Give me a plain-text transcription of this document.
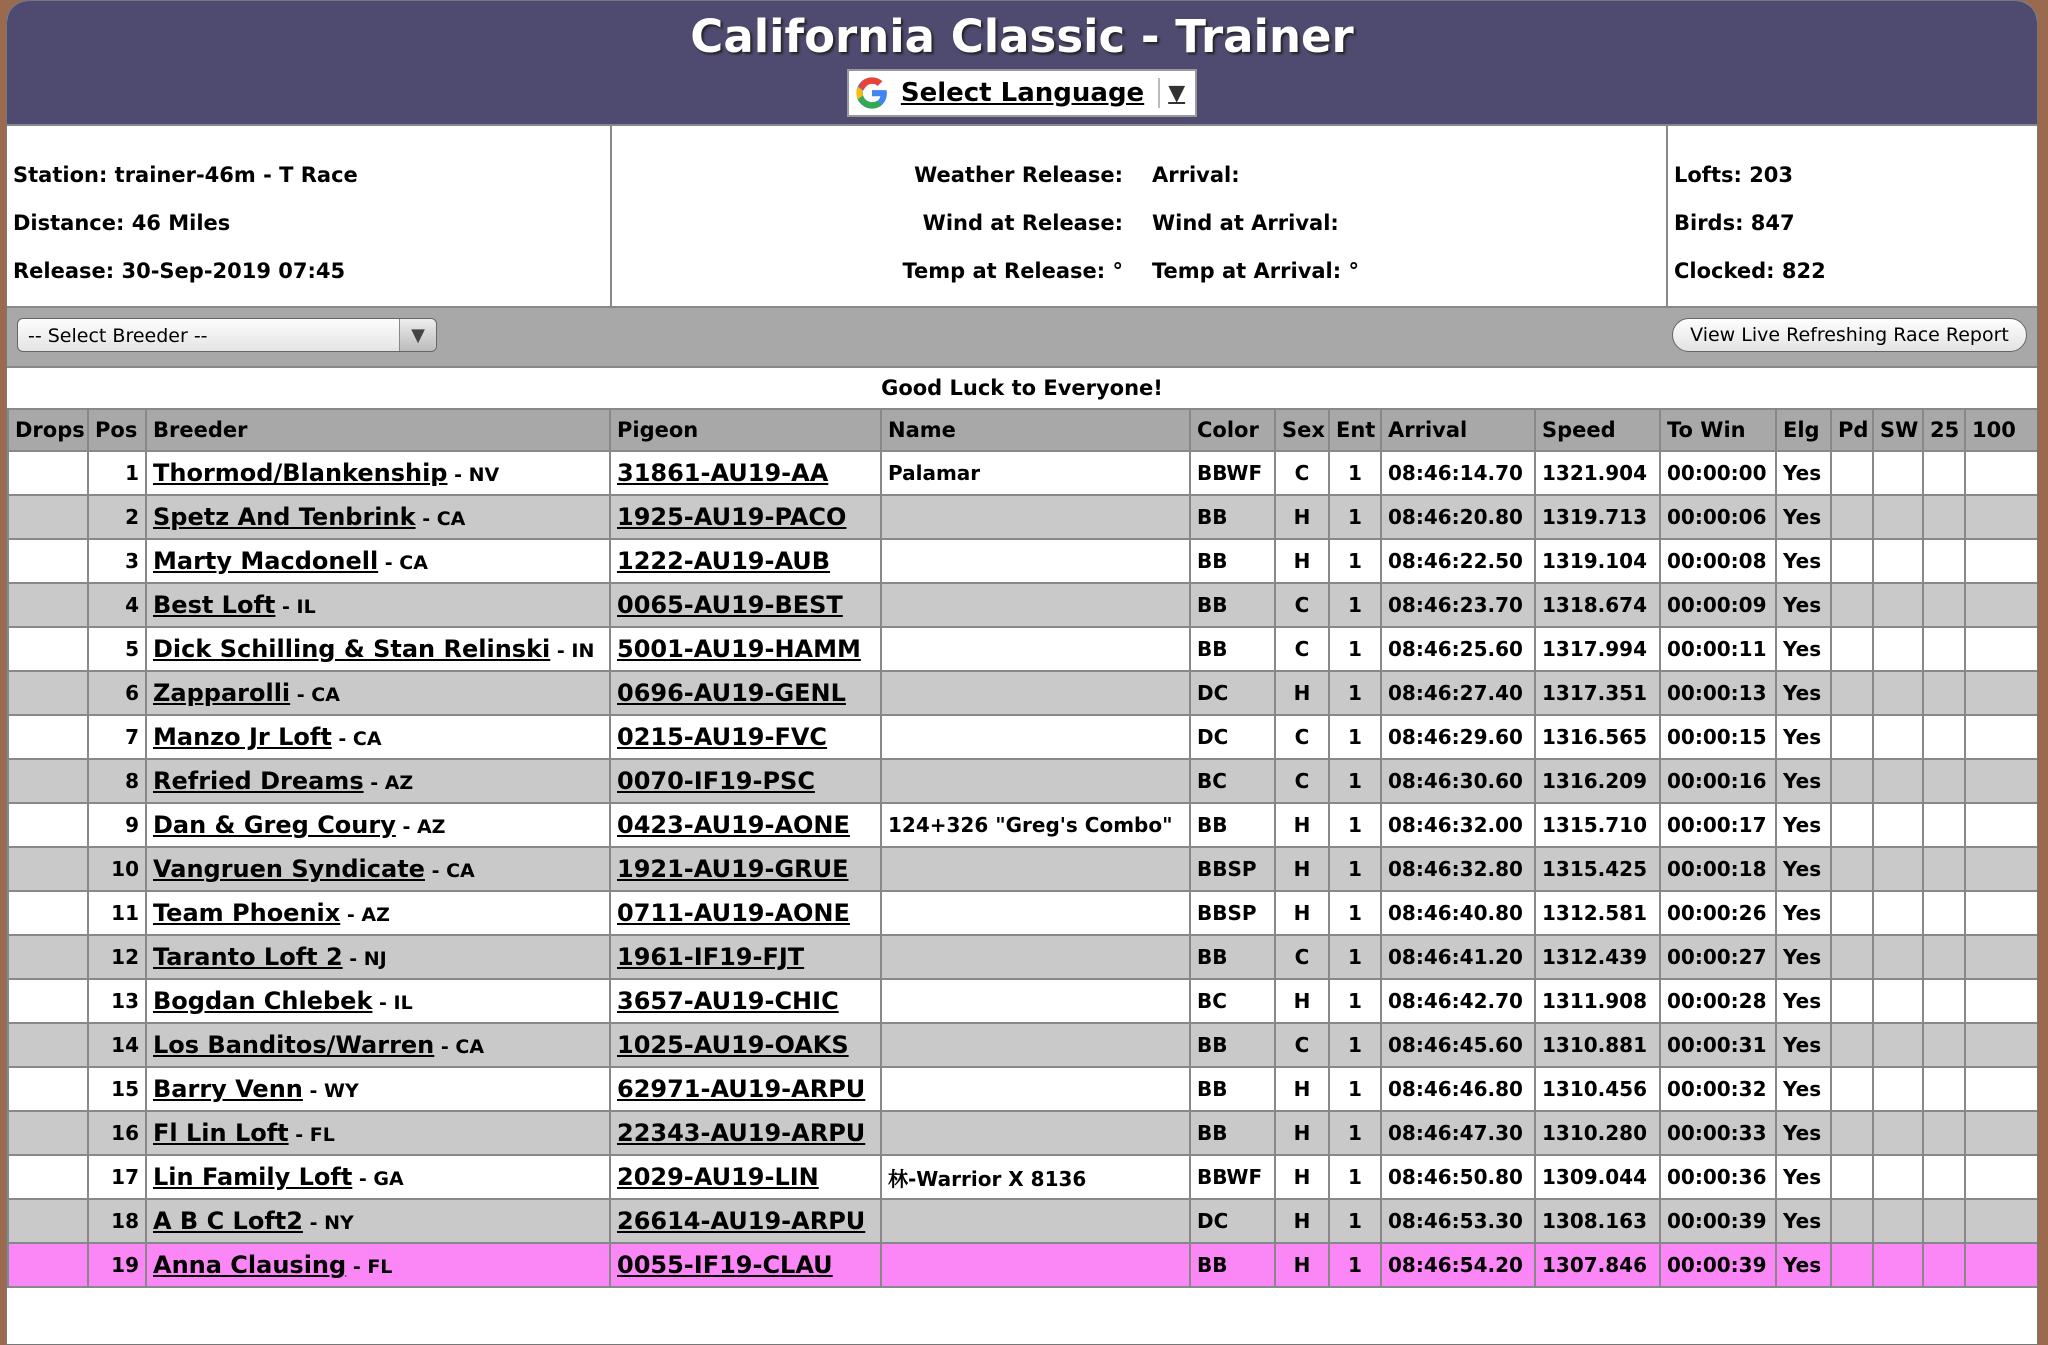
California Classic - Trainer
Select Language ▼
Station: trainer-46m - T Race
Distance: 46 Miles
Release: 30-Sep-2019 07:45
Weather Release:	Arrival:
Wind at Release:	Wind at Arrival:
Temp at Release: °	Temp at Arrival: °
Lofts: 203
Birds: 847
Clocked: 822
-- Select Breeder --	▼	View Live Refreshing Race Report
Good Luck to Everyone!
Drops	Pos	Breeder	Pigeon	Name	Color	Sex	Ent	Arrival	Speed	To Win	Elg	Pd	SW	25	100
	1	Thormod/Blankenship - NV	31861-AU19-AA	Palamar	BBWF	C	1	08:46:14.70	1321.904	00:00:00	Yes				
	2	Spetz And Tenbrink - CA	1925-AU19-PACO		BB	H	1	08:46:20.80	1319.713	00:00:06	Yes				
	3	Marty Macdonell - CA	1222-AU19-AUB		BB	H	1	08:46:22.50	1319.104	00:00:08	Yes				
	4	Best Loft - IL	0065-AU19-BEST		BB	C	1	08:46:23.70	1318.674	00:00:09	Yes				
	5	Dick Schilling & Stan Relinski - IN	5001-AU19-HAMM		BB	C	1	08:46:25.60	1317.994	00:00:11	Yes				
	6	Zapparolli - CA	0696-AU19-GENL		DC	H	1	08:46:27.40	1317.351	00:00:13	Yes				
	7	Manzo Jr Loft - CA	0215-AU19-FVC		DC	C	1	08:46:29.60	1316.565	00:00:15	Yes				
	8	Refried Dreams - AZ	0070-IF19-PSC		BC	C	1	08:46:30.60	1316.209	00:00:16	Yes				
	9	Dan & Greg Coury - AZ	0423-AU19-AONE	124+326 "Greg's Combo"	BB	H	1	08:46:32.00	1315.710	00:00:17	Yes				
	10	Vangruen Syndicate - CA	1921-AU19-GRUE		BBSP	H	1	08:46:32.80	1315.425	00:00:18	Yes				
	11	Team Phoenix - AZ	0711-AU19-AONE		BBSP	H	1	08:46:40.80	1312.581	00:00:26	Yes				
	12	Taranto Loft 2 - NJ	1961-IF19-FJT		BB	C	1	08:46:41.20	1312.439	00:00:27	Yes				
	13	Bogdan Chlebek - IL	3657-AU19-CHIC		BC	H	1	08:46:42.70	1311.908	00:00:28	Yes				
	14	Los Banditos/Warren - CA	1025-AU19-OAKS		BB	C	1	08:46:45.60	1310.881	00:00:31	Yes				
	15	Barry Venn - WY	62971-AU19-ARPU		BB	H	1	08:46:46.80	1310.456	00:00:32	Yes				
	16	Fl Lin Loft - FL	22343-AU19-ARPU		BB	H	1	08:46:47.30	1310.280	00:00:33	Yes				
	17	Lin Family Loft - GA	2029-AU19-LIN	林-Warrior X 8136	BBWF	H	1	08:46:50.80	1309.044	00:00:36	Yes				
	18	A B C Loft2 - NY	26614-AU19-ARPU		DC	H	1	08:46:53.30	1308.163	00:00:39	Yes				
	19	Anna Clausing - FL	0055-IF19-CLAU		BB	H	1	08:46:54.20	1307.846	00:00:39	Yes				
